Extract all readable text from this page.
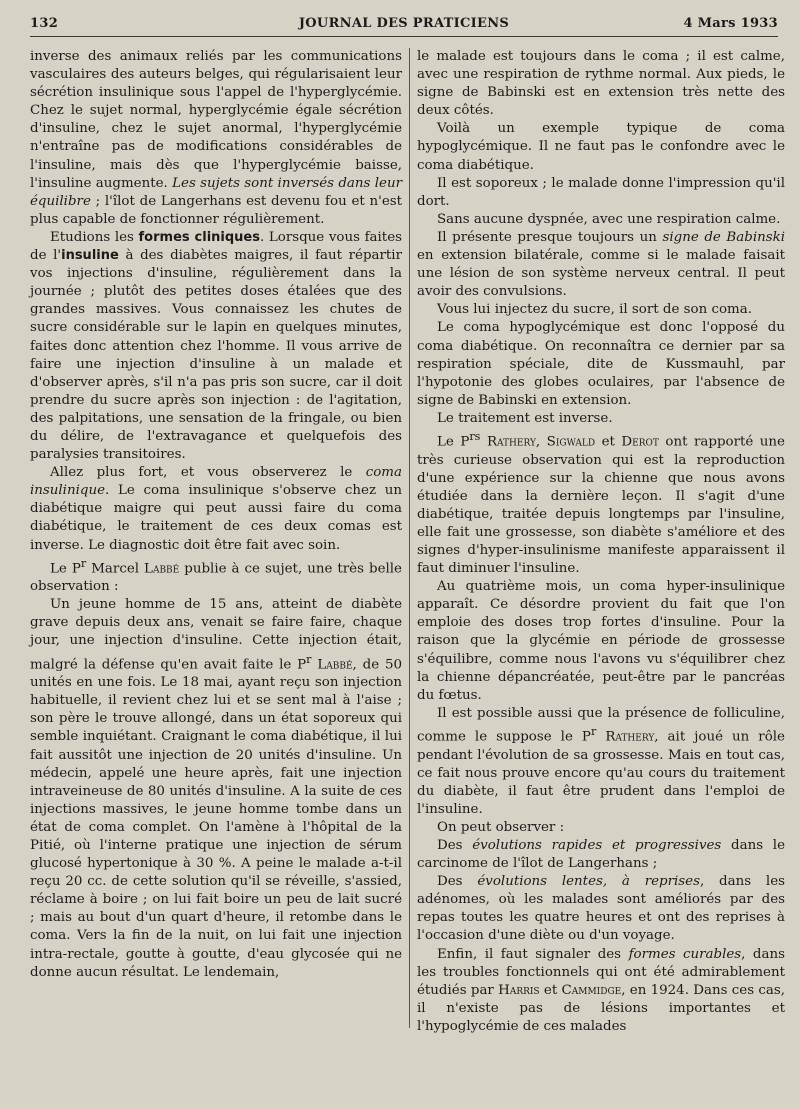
132	JOURNAL DES PRATICIENS	4 Mars 1933

inverse des animaux reliés par les communications vasculaires des auteurs belges, qui régularisaient leur sécrétion insulinique sous l'appel de l'hyperglycémie. Chez le sujet normal, hyperglycémie égale sécrétion d'insuline, chez le sujet anormal, l'hyperglycémie n'entraîne pas de modifications considérables de l'insuline, mais dès que l'hyperglycémie baisse, l'insuline augmente. Les sujets sont inversés dans leur équilibre ; l'îlot de Langerhans est devenu fou et n'est plus capable de fonctionner régulièrement.

Etudions les formes cliniques. Lorsque vous faites de l'insuline à des diabètes maigres, il faut répartir vos injections d'insuline, régulièrement dans la journée ; plutôt des petites doses étalées que des grandes massives. Vous connaissez les chutes de sucre considérable sur le lapin en quelques minutes, faites donc attention chez l'homme. Il vous arrive de faire une injection d'insuline à un malade et d'observer après, s'il n'a pas pris son sucre, car il doit prendre du sucre après son injection : de l'agitation, des palpitations, une sensation de la fringale, ou bien du délire, de l'extravagance et quelquefois des paralysies transitoires.

Allez plus fort, et vous observerez le coma insulinique. Le coma insulinique s'observe chez un diabétique maigre qui peut aussi faire du coma diabétique, le traitement de ces deux comas est inverse. Le diagnostic doit être fait avec soin.

Le $P^r$ Marcel Labbé publie à ce sujet, une très belle observation :

Un jeune homme de 15 ans, atteint de diabète grave depuis deux ans, venait se faire faire, chaque jour, une injection d'insuline. Cette injection était, malgré la défense qu'en avait faite le $P^r$ Labbé, de 50 unités en une fois. Le 18 mai, ayant reçu son injection habituelle, il revient chez lui et se sent mal à l'aise ; son père le trouve allongé, dans un état soporeux qui semble inquiétant. Craignant le coma diabétique, il lui fait aussitôt une injection de 20 unités d'insuline. Un médecin, appelé une heure après, fait une injection intraveineuse de 80 unités d'insuline. A la suite de ces injections massives, le jeune homme tombe dans un état de coma complet. On l'amène à l'hôpital de la Pitié, où l'interne pratique une injection de sérum glucosé hypertonique à 30 %. A peine le malade a-t-il reçu 20 cc. de cette solution qu'il se réveille, s'assied, réclame à boire ; on lui fait boire un peu de lait sucré ; mais au bout d'un quart d'heure, il retombe dans le coma. Vers la fin de la nuit, on lui fait une injection intra-rectale, goutte à goutte, d'eau glycosée qui ne donne aucun résultat. Le lendemain,

le malade est toujours dans le coma ; il est calme, avec une respiration de rythme normal. Aux pieds, le signe de Babinski est en extension très nette des deux côtés.

Voilà un exemple typique de coma hypoglycémique. Il ne faut pas le confondre avec le coma diabétique.

Il est soporeux ; le malade donne l'impression qu'il dort.

Sans aucune dyspnée, avec une respiration calme.

Il présente presque toujours un signe de Babinski en extension bilatérale, comme si le malade faisait une lésion de son système nerveux central. Il peut avoir des convulsions.

Vous lui injectez du sucre, il sort de son coma.

Le coma hypoglycémique est donc l'opposé du coma diabétique. On reconnaîtra ce dernier par sa respiration spéciale, dite de Kussmauhl, par l'hypotonie des globes oculaires, par l'absence de signe de Babinski en extension.

Le traitement est inverse.

Le $P^{rs}$ Rathery, Sigwald et Derot ont rapporté une très curieuse observation qui est la reproduction d'une expérience sur la chienne que nous avons étudiée dans la dernière leçon. Il s'agit d'une diabétique, traitée depuis longtemps par l'insuline, elle fait une grossesse, son diabète s'améliore et des signes d'hyper-insulinisme manifeste apparaissent il faut diminuer l'insuline.

Au quatrième mois, un coma hyper-insulinique apparaît. Ce désordre provient du fait que l'on emploie des doses trop fortes d'insuline. Pour la raison que la glycémie en période de grossesse s'équilibre, comme nous l'avons vu s'équilibrer chez la chienne dépancréatée, peut-être par le pancréas du fœtus.

Il est possible aussi que la présence de folliculine, comme le suppose le $P^r$ Rathery, ait joué un rôle pendant l'évolution de sa grossesse. Mais en tout cas, ce fait nous prouve encore qu'au cours du traitement du diabète, il faut être prudent dans l'emploi de l'insuline.

On peut observer :

Des évolutions rapides et progressives dans le carcinome de l'îlot de Langerhans ;

Des évolutions lentes, à reprises, dans les adénomes, où les malades sont améliorés par des repas toutes les quatre heures et ont des reprises à l'occasion d'une diète ou d'un voyage.

Enfin, il faut signaler des formes curables, dans les troubles fonctionnels qui ont été admirablement étudiés par Harris et Cammidge, en 1924. Dans ces cas, il n'existe pas de lésions importantes et l'hypoglycémie de ces malades
